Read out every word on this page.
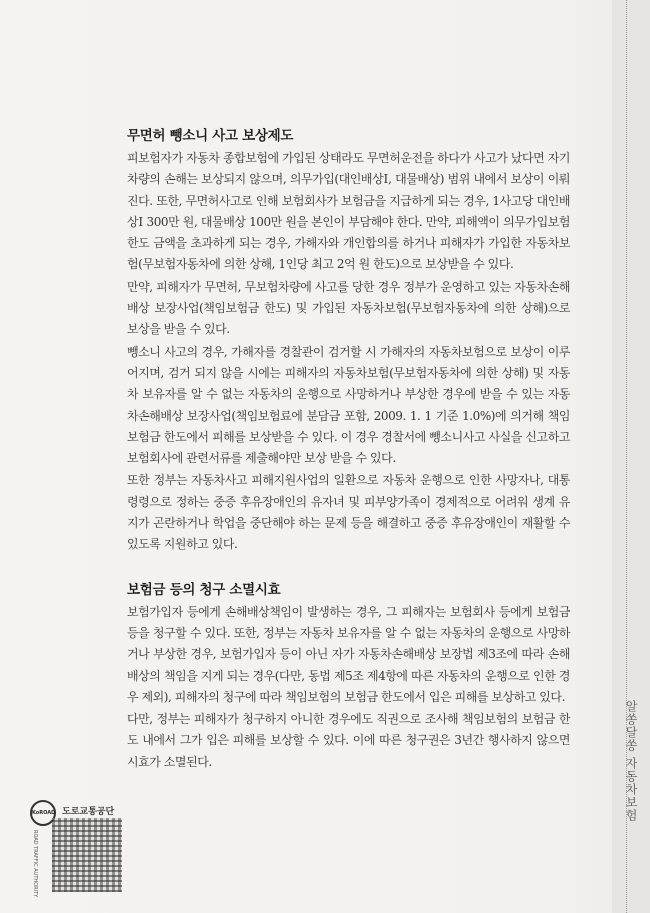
알쏭달쏭 자동차보험
무면허 뺑소니 사고 보상제도

피보험자가 자동차 종합보험에 가입된 상태라도 무면허운전을 하다가 사고가 났다면 자기차량의 손해는 보상되지 않으며, 의무가입(대인배상Ⅰ, 대물배상) 범위 내에서 보상이 이뤄진다. 또한, 무면허사고로 인해 보험회사가 보험금을 지급하게 되는 경우, 1사고당 대인배상Ⅰ 300만 원, 대물배상 100만 원을 본인이 부담해야 한다. 만약, 피해액이 의무가입보험 한도 금액을 초과하게 되는 경우, 가해자와 개인합의를 하거나 피해자가 가입한 자동차보험(무보험자동차에 의한 상해, 1인당 최고 2억 원 한도)으로 보상받을 수 있다.

만약, 피해자가 무면허, 무보험차량에 사고를 당한 경우 정부가 운영하고 있는 자동차손해배상 보장사업(책임보험금 한도) 및 가입된 자동차보험(무보험자동차에 의한 상해)으로 보상을 받을 수 있다.

뺑소니 사고의 경우, 가해자를 경찰관이 검거할 시 가해자의 자동차보험으로 보상이 이루어지며, 검거 되지 않을 시에는 피해자의 자동차보험(무보험자동차에 의한 상해) 및 자동차 보유자를 알 수 없는 자동차의 운행으로 사망하거나 부상한 경우에 받을 수 있는 자동차손해배상 보장사업(책임보험료에 분담금 포함, 2009. 1. 1 기준 1.0%)에 의거해 책임보험금 한도에서 피해를 보상받을 수 있다. 이 경우 경찰서에 뺑소니사고 사실을 신고하고 보험회사에 관련서류를 제출해야만 보상 받을 수 있다.

또한 정부는 자동차사고 피해지원사업의 일환으로 자동차 운행으로 인한 사망자나, 대통령령으로 정하는 중증 후유장애인의 유자녀 및 피부양가족이 경제적으로 어려워 생계 유지가 곤란하거나 학업을 중단해야 하는 문제 등을 해결하고 중증 후유장애인이 재활할 수 있도록 지원하고 있다.

보험금 등의 청구 소멸시효

보험가입자 등에게 손해배상책임이 발생하는 경우, 그 피해자는 보험회사 등에게 보험금 등을 청구할 수 있다. 또한, 정부는 자동차 보유자를 알 수 없는 자동차의 운행으로 사망하거나 부상한 경우, 보험가입자 등이 아닌 자가 자동차손해배상 보장법 제3조에 따라 손해배상의 책임을 지게 되는 경우(다만, 동법 제5조 제4항에 따른 자동차의 운행으로 인한 경우 제외), 피해자의 청구에 따라 책임보험의 보험금 한도에서 입은 피해를 보상하고 있다.

다만, 정부는 피해자가 청구하지 아니한 경우에도 직권으로 조사해 책임보험의 보험금 한도 내에서 그가 입은 피해를 보상할 수 있다. 이에 따른 청구권은 3년간 행사하지 않으면 시효가 소멸된다.

KoROAD 도로교통공단
ROAD TRAFFIC AUTHORITY
